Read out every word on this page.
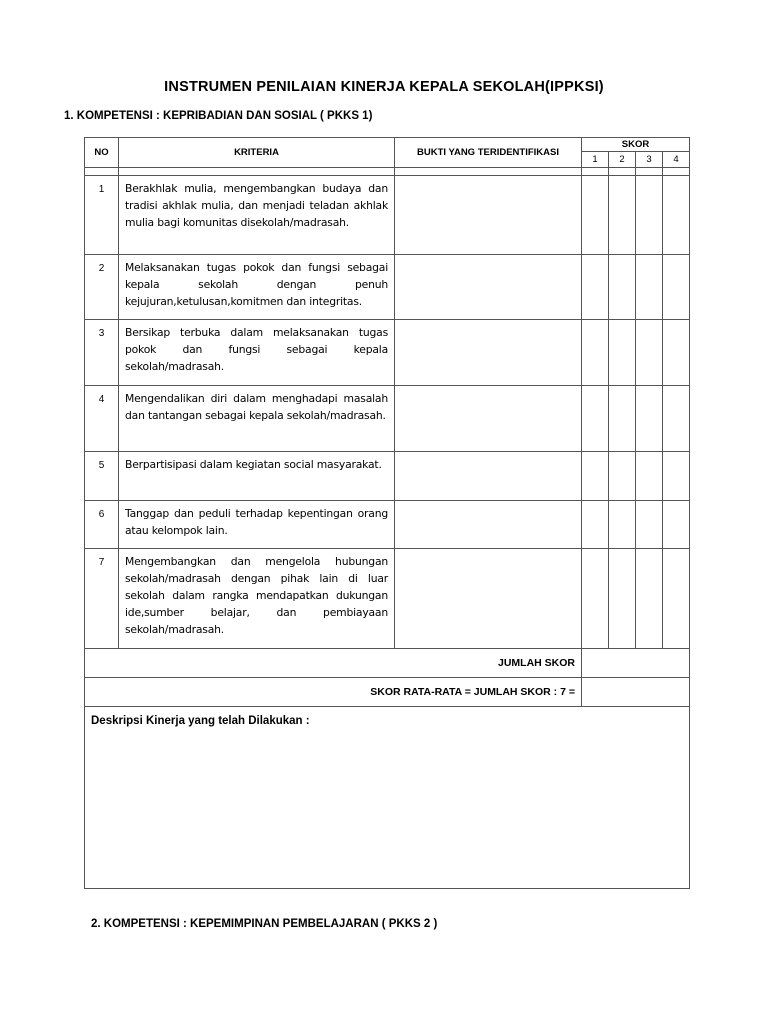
INSTRUMEN PENILAIAN KINERJA KEPALA SEKOLAH(IPPKSI)
1. KOMPETENSI : KEPRIBADIAN DAN SOSIAL ( PKKS 1)
NO	KRITERIA	BUKTI YANG TERIDENTIFIKASI	SKOR			
			1	2	3	4

1	Berakhlak mulia, mengembangkan budaya dan tradisi akhlak mulia, dan menjadi teladan akhlak mulia bagi komunitas disekolah/madrasah.					
2	Melaksanakan tugas pokok dan fungsi sebagai kepala sekolah dengan penuh kejujuran,ketulusan,komitmen dan integritas.					
3	Bersikap terbuka dalam melaksanakan tugas pokok dan fungsi sebagai kepala sekolah/madrasah.					
4	Mengendalikan diri dalam menghadapi masalah dan tantangan sebagai kepala sekolah/madrasah.					
5	Berpartisipasi dalam kegiatan social masyarakat.					
6	Tanggap dan peduli terhadap kepentingan orang atau kelompok lain.					
7	Mengembangkan dan mengelola hubungan sekolah/madrasah dengan pihak lain di luar sekolah dalam rangka mendapatkan dukungan ide,sumber belajar, dan pembiayaan sekolah/madrasah.					
JUMLAH SKOR						
SKOR RATA-RATA = JUMLAH SKOR : 7 =						
Deskripsi Kinerja yang telah Dilakukan :						
2. KOMPETENSI : KEPEMIMPINAN PEMBELAJARAN ( PKKS 2 )
